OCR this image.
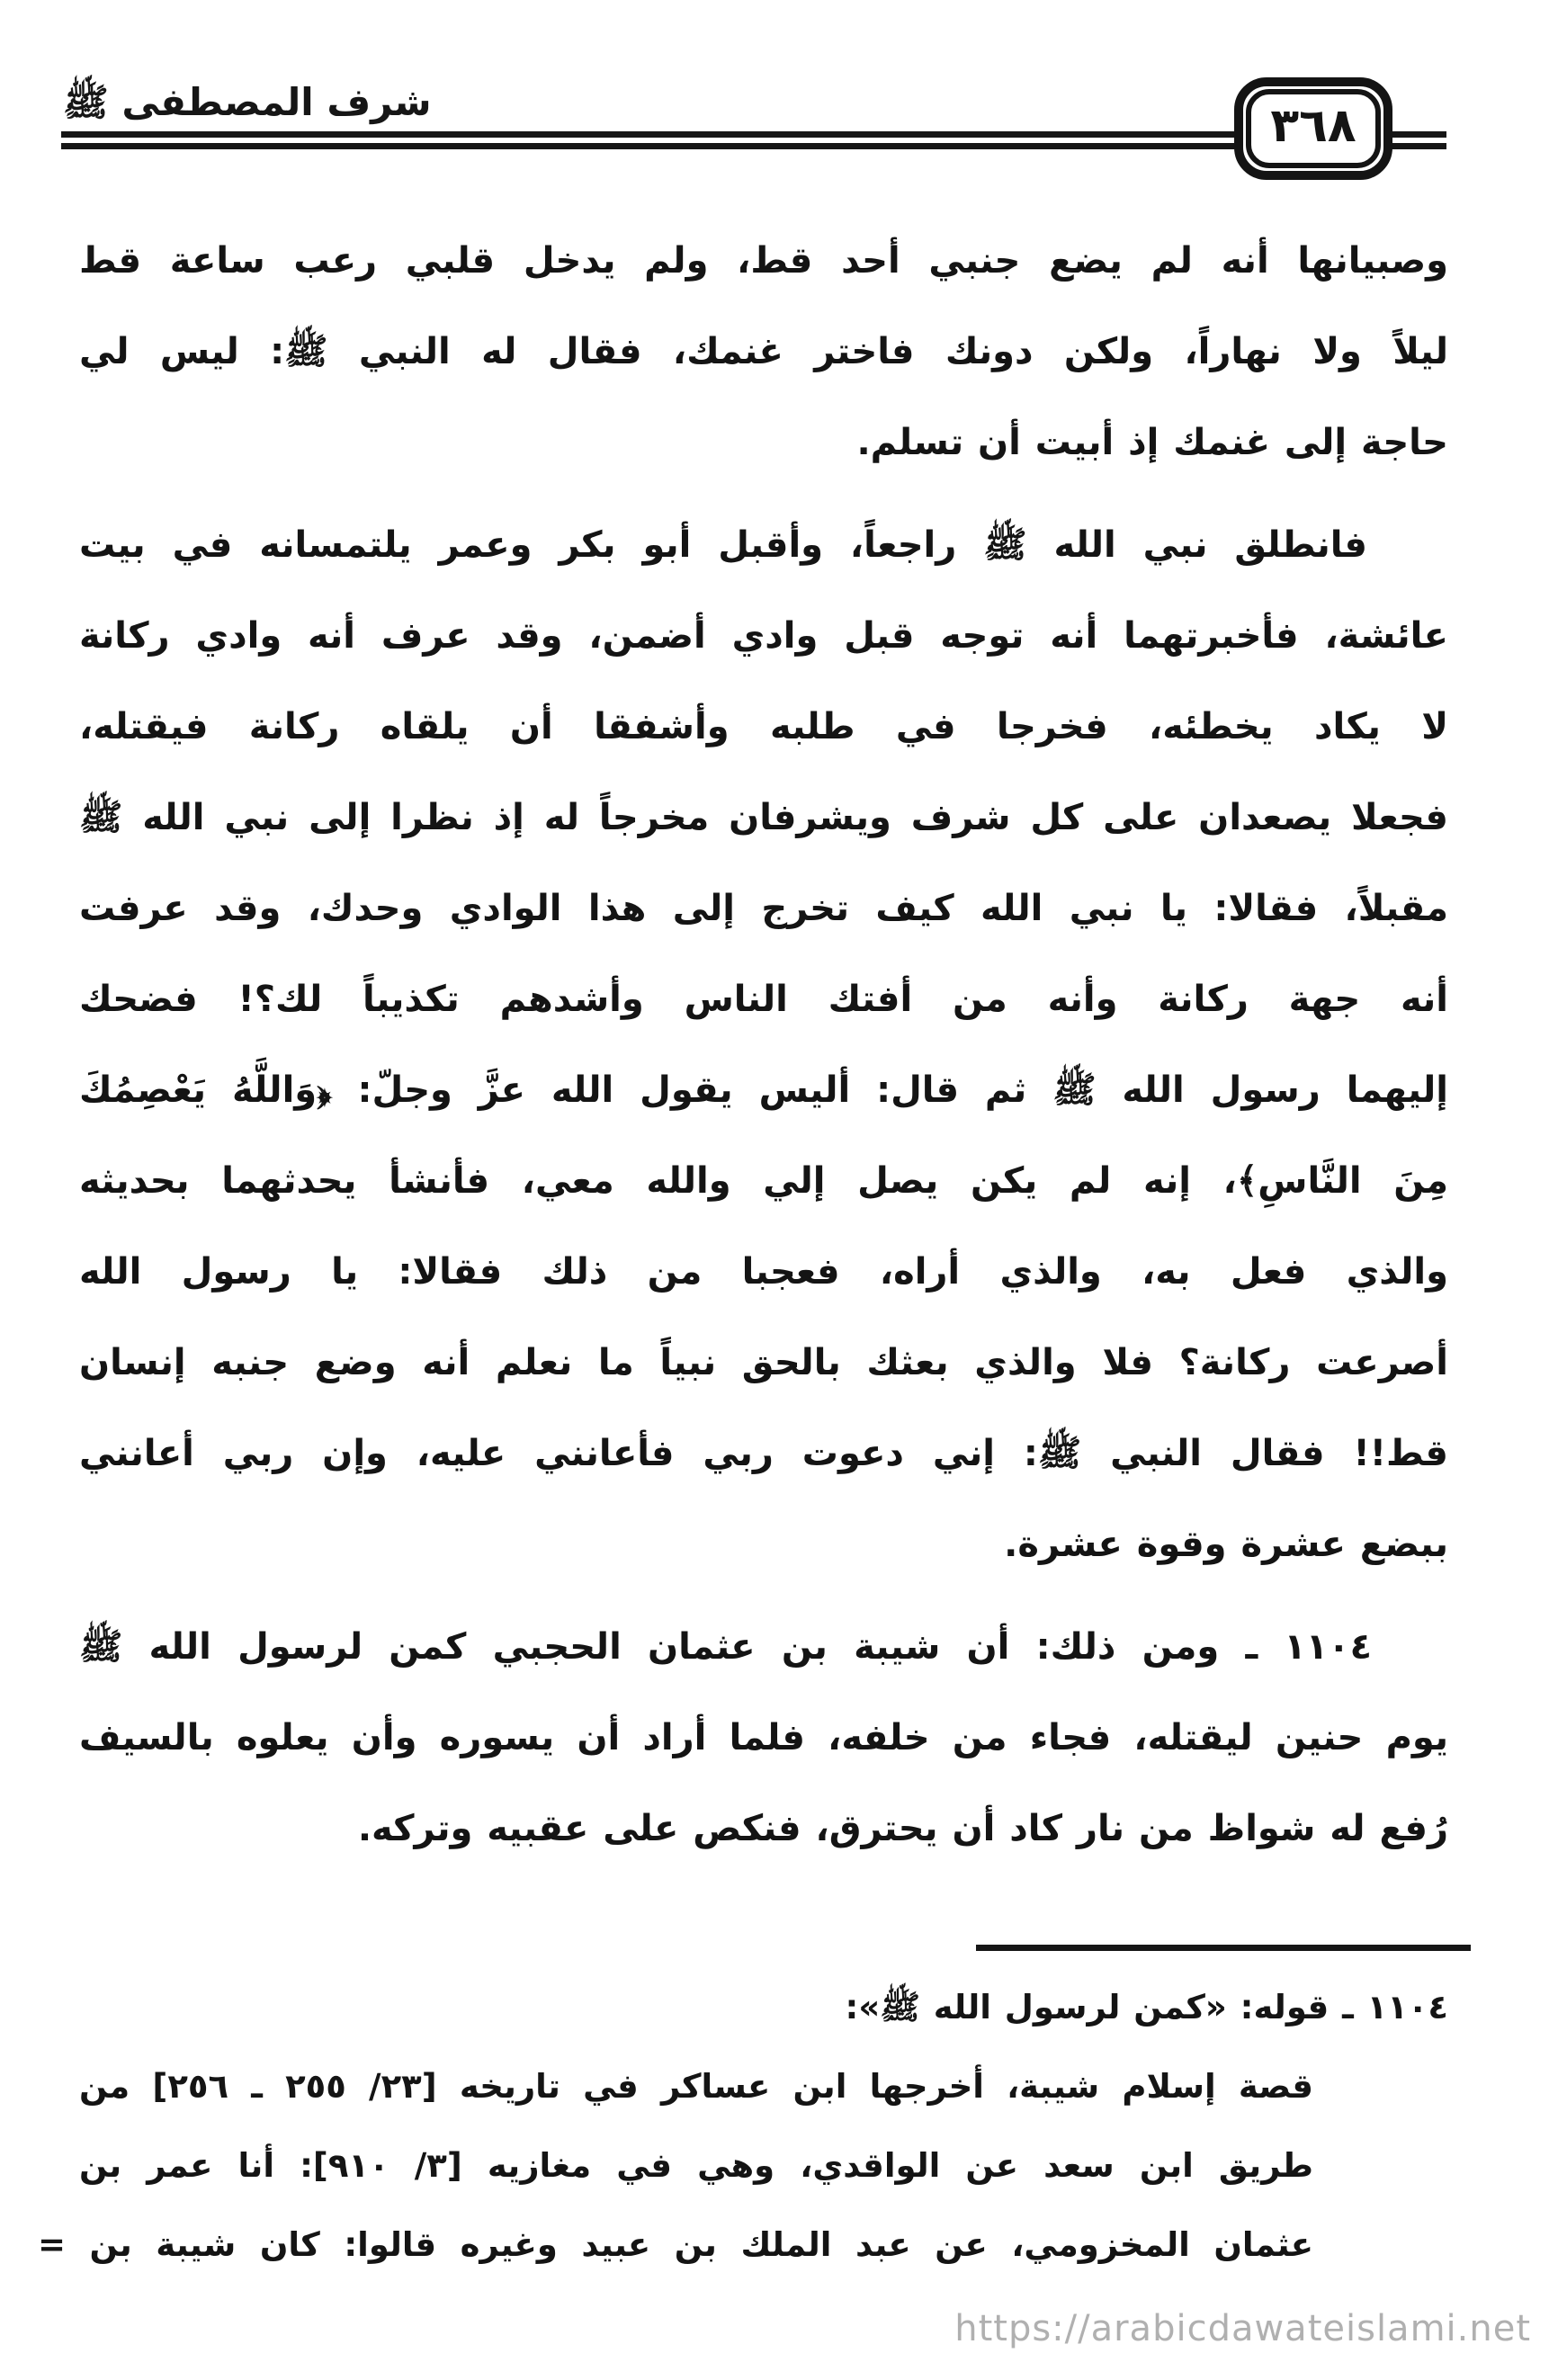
شرف المصطفى ﷺ	٣٦٨
وصبيانها أنه لم يضع جنبي أحد قط، ولم يدخل قلبي رعب ساعة قط
ليلاً ولا نهاراً، ولكن دونك فاختر غنمك، فقال له النبي ﷺ: ليس لي
حاجة إلى غنمك إذ أبيت أن تسلم.
فانطلق نبي الله ﷺ راجعاً، وأقبل أبو بكر وعمر يلتمسانه في بيت
عائشة، فأخبرتهما أنه توجه قبل وادي أضمن، وقد عرف أنه وادي ركانة
لا يكاد يخطئه، فخرجا في طلبه وأشفقا أن يلقاه ركانة فيقتله،
فجعلا يصعدان على كل شرف ويشرفان مخرجاً له إذ نظرا إلى نبي الله ﷺ
مقبلاً، فقالا: يا نبي الله كيف تخرج إلى هذا الوادي وحدك، وقد عرفت
أنه جهة ركانة وأنه من أفتك الناس وأشدهم تكذيباً لك؟! فضحك
إليهما رسول الله ﷺ ثم قال: أليس يقول الله عزَّ وجلّ: ﴿وَاللَّهُ يَعْصِمُكَ
مِنَ النَّاسِ﴾، إنه لم يكن يصل إلي والله معي، فأنشأ يحدثهما بحديثه
والذي فعل به، والذي أراه، فعجبا من ذلك فقالا: يا رسول الله
أصرعت ركانة؟ فلا والذي بعثك بالحق نبياً ما نعلم أنه وضع جنبه إنسان
قط!! فقال النبي ﷺ: إني دعوت ربي فأعانني عليه، وإن ربي أعانني
ببضع عشرة وقوة عشرة.
١١٠٤ ـ ومن ذلك: أن شيبة بن عثمان الحجبي كمن لرسول الله ﷺ
يوم حنين ليقتله، فجاء من خلفه، فلما أراد أن يسوره وأن يعلوه بالسيف
رُفع له شواظ من نار كاد أن يحترق، فنكص على عقبيه وتركه.
١١٠٤ ـ قوله: «كمن لرسول الله ﷺ»:
قصة إسلام شيبة، أخرجها ابن عساكر في تاريخه [٢٣/ ٢٥٥ ـ ٢٥٦] من
طريق ابن سعد عن الواقدي، وهي في مغازيه [٣/ ٩١٠]: أنا عمر بن
عثمان المخزومي، عن عبد الملك بن عبيد وغيره قالوا: كان شيبة بن =
https://arabicdawateislami.net
